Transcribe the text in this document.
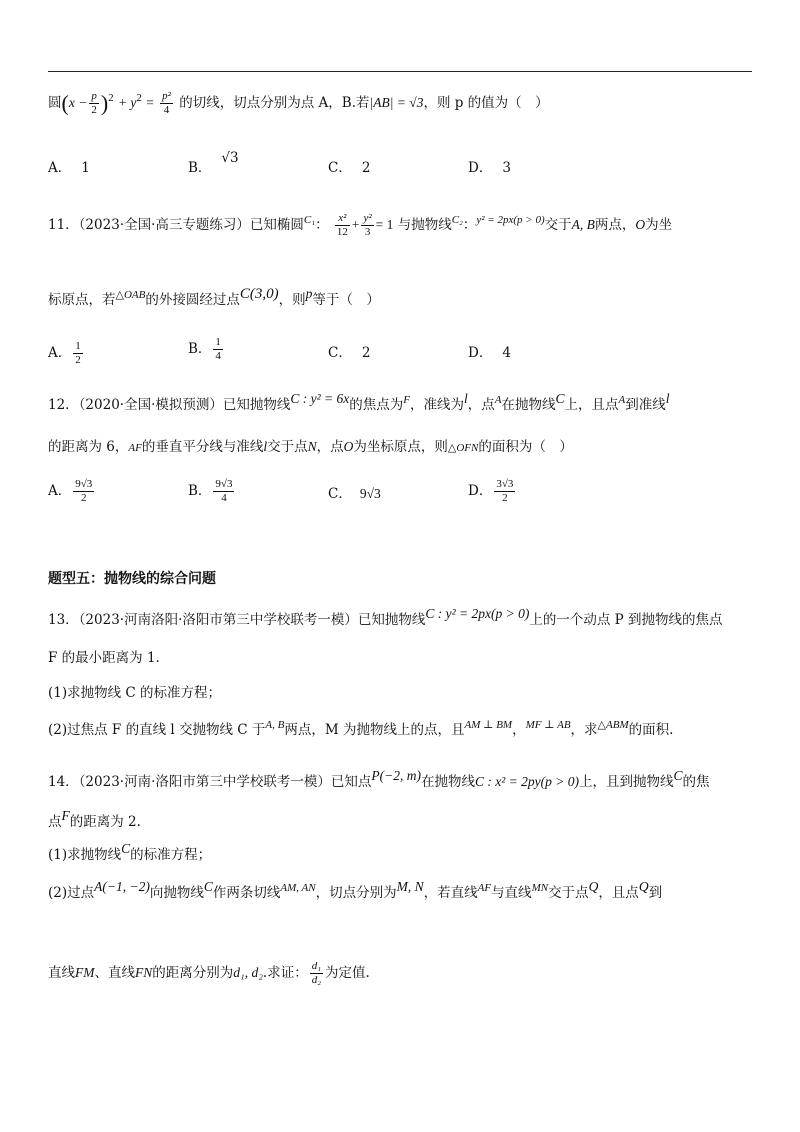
圆$(x - \frac{p}{2} )^2 + y^2 = \frac{\text{p²}}{4}$ 的切线，切点分别为点 A，B.若|AB| = √3，则 p 的值为（　）
A． 1	B．√3
C． 2	D． 3
11．（2023·全国·高三专题练习）已知椭圆$^{C_1}$： $\frac{\text{x²}}{12} + \frac{\text{y²}}{3} = 1$ 与抛物线$^{C_2}$：$^{y^2 = 2px(p > 0)}$交于A, B两点，O为坐
标原点，若$^{\triangle OAB}$的外接圆经过点C(3,0)，则p等于（　）
A． $\frac{1}{2}$	B． $\frac{1}{4}$	C． 2	D． 4
12．（2020·全国·模拟预测）已知抛物线C : y² = 6x的焦点为$^F$，准线为l，点$^A$在抛物线C上，且点$^A$到准线l
的距离为 6，AF的垂直平分线与准线l交于点N，点O为坐标原点，则△OFN的面积为（　）
A． $\frac{9√3}{2}$	B． $\frac{9√3}{4}$	C． 9√3	D． $\frac{3√3}{2}$
题型五：抛物线的综合问题
13．（2023·河南洛阳·洛阳市第三中学校联考一模）已知抛物线C : y² = 2px(p > 0)上的一个动点 P 到抛物线的焦点
F 的最小距离为 1.
(1)求抛物线 C 的标准方程；
(2)过焦点 F 的直线 l 交抛物线 C 于$^{A, B}$两点，M 为抛物线上的点，且$^{AM \perp BM}$，$^{MF \perp AB}$，求$^{\triangle ABM}$的面积.
14．（2023·河南·洛阳市第三中学校联考一模）已知点P(−2, m)在抛物线C : x² = 2py(p > 0)上，且到抛物线C的焦
点F的距离为 2.
(1)求抛物线C的标准方程；
(2)过点A(−1, −2)向抛物线C作两条切线$^{AM, AN}$，切点分别为M, N，若直线$^{AF}$与直线$^{MN}$交于点Q，且点Q到
直线FM、直线FN的距离分别为d₁, d₂.求证： $\frac{\text{d₁}}{\text{d₂}}$ 为定值.
